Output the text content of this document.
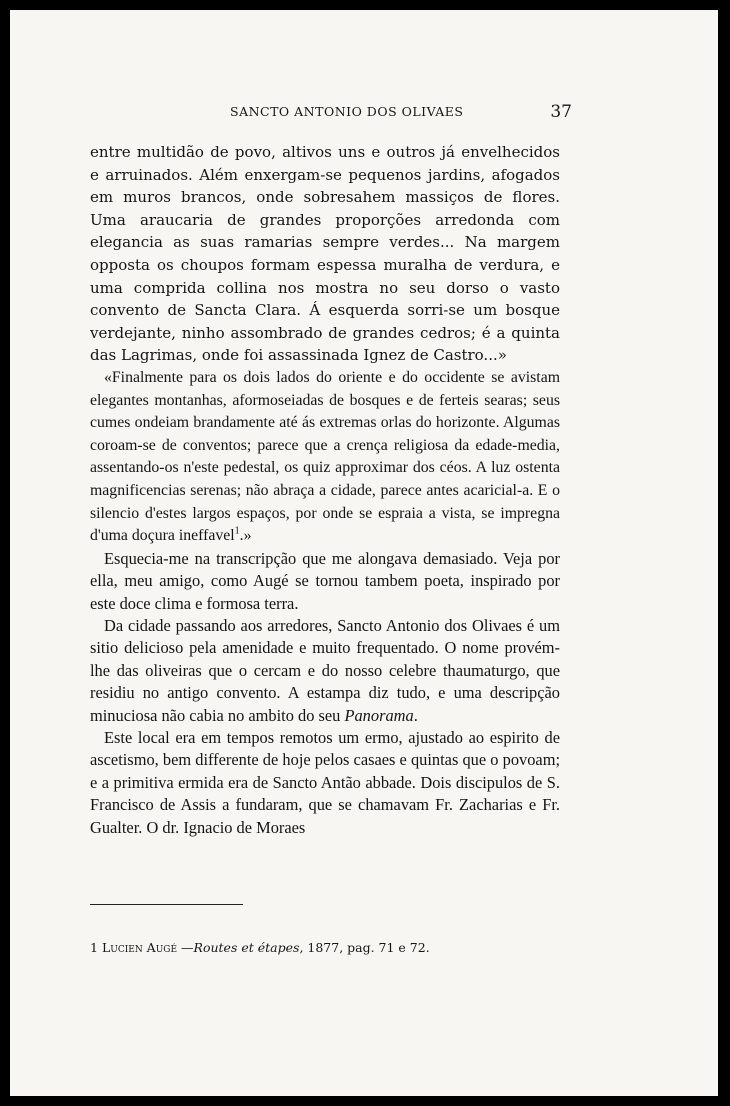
SANCTO ANTONIO DOS OLIVAES	37

entre multidão de povo, altivos uns e outros já envelhecidos e arruinados. Além enxergam-se pequenos jardins, afogados em muros brancos, onde sobresahem massiços de flores. Uma araucaria de grandes proporções arredonda com elegancia as suas ramarias sempre verdes... Na margem opposta os choupos formam espessa muralha de verdura, e uma comprida collina nos mostra no seu dorso o vasto convento de Sancta Clara. Á esquerda sorri-se um bosque verdejante, ninho assombrado de grandes cedros; é a quinta das Lagrimas, onde foi assassinada Ignez de Castro...»

«Finalmente para os dois lados do oriente e do occidente se avistam elegantes montanhas, aformoseiadas de bosques e de ferteis searas; seus cumes ondeiam brandamente até ás extremas orlas do horizonte. Algumas coroam-se de conventos; parece que a crença religiosa da edade-media, assentando-os n'este pedestal, os quiz approximar dos céos. A luz ostenta magnificencias serenas; não abraça a cidade, parece antes acaricial-a. E o silencio d'estes largos espaços, por onde se espraia a vista, se impregna d'uma doçura ineffavel$^1$.»

Esquecia-me na transcripção que me alongava demasiado. Veja por ella, meu amigo, como Augé se tornou tambem poeta, inspirado por este doce clima e formosa terra.

Da cidade passando aos arredores, Sancto Antonio dos Olivaes é um sitio delicioso pela amenidade e muito frequentado. O nome provém-lhe das oliveiras que o cercam e do nosso celebre thaumaturgo, que residiu no antigo convento. A estampa diz tudo, e uma descripção minuciosa não cabia no ambito do seu Panorama.

Este local era em tempos remotos um ermo, ajustado ao espirito de ascetismo, bem differente de hoje pelos casaes e quintas que o povoam; e a primitiva ermida era de Sancto Antão abbade. Dois discipulos de S. Francisco de Assis a fundaram, que se chamavam Fr. Zacharias e Fr. Gualter. O dr. Ignacio de Moraes

1 Lucien Augé —Routes et étapes, 1877, pag. 71 e 72.
